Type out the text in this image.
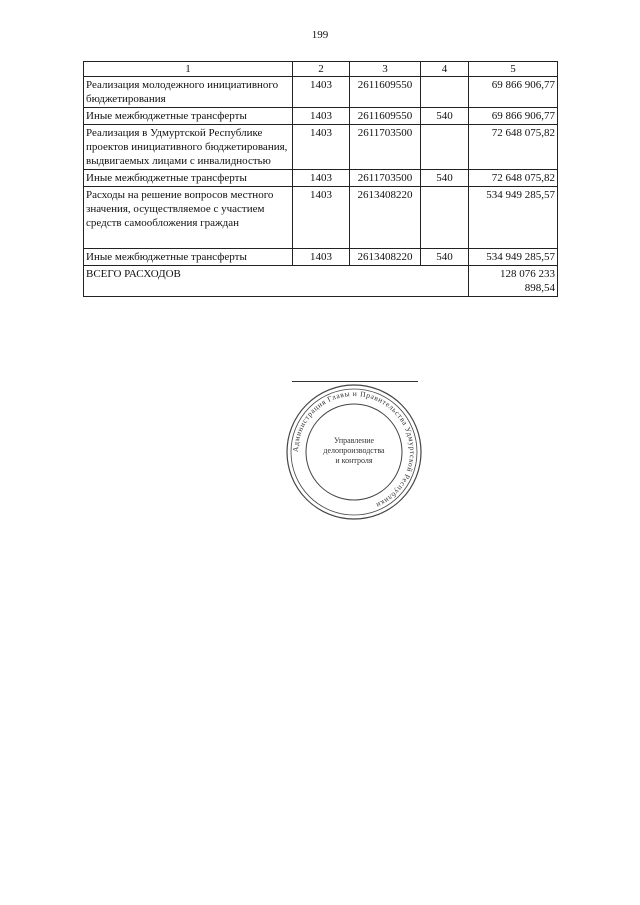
199
1	2	3	4	5
Реализация молодежного инициативного бюджетирования	1403	2611609550		69 866 906,77
Иные межбюджетные трансферты	1403	2611609550	540	69 866 906,77
Реализация в Удмуртской Республике проектов инициативного бюджетирования, выдвигаемых лицами с инвалидностью	1403	2611703500		72 648 075,82
Иные межбюджетные трансферты	1403	2611703500	540	72 648 075,82
Расходы на решение вопросов местного значения, осуществляемое с участием средств самообложения граждан	1403	2613408220		534 949 285,57
Иные межбюджетные трансферты	1403	2613408220	540	534 949 285,57
ВСЕГО РАСХОДОВ				128 076 233 898,54
Администрация Главы и Правительства Удмуртской Республики
Управление
делопроизводства
и контроля
